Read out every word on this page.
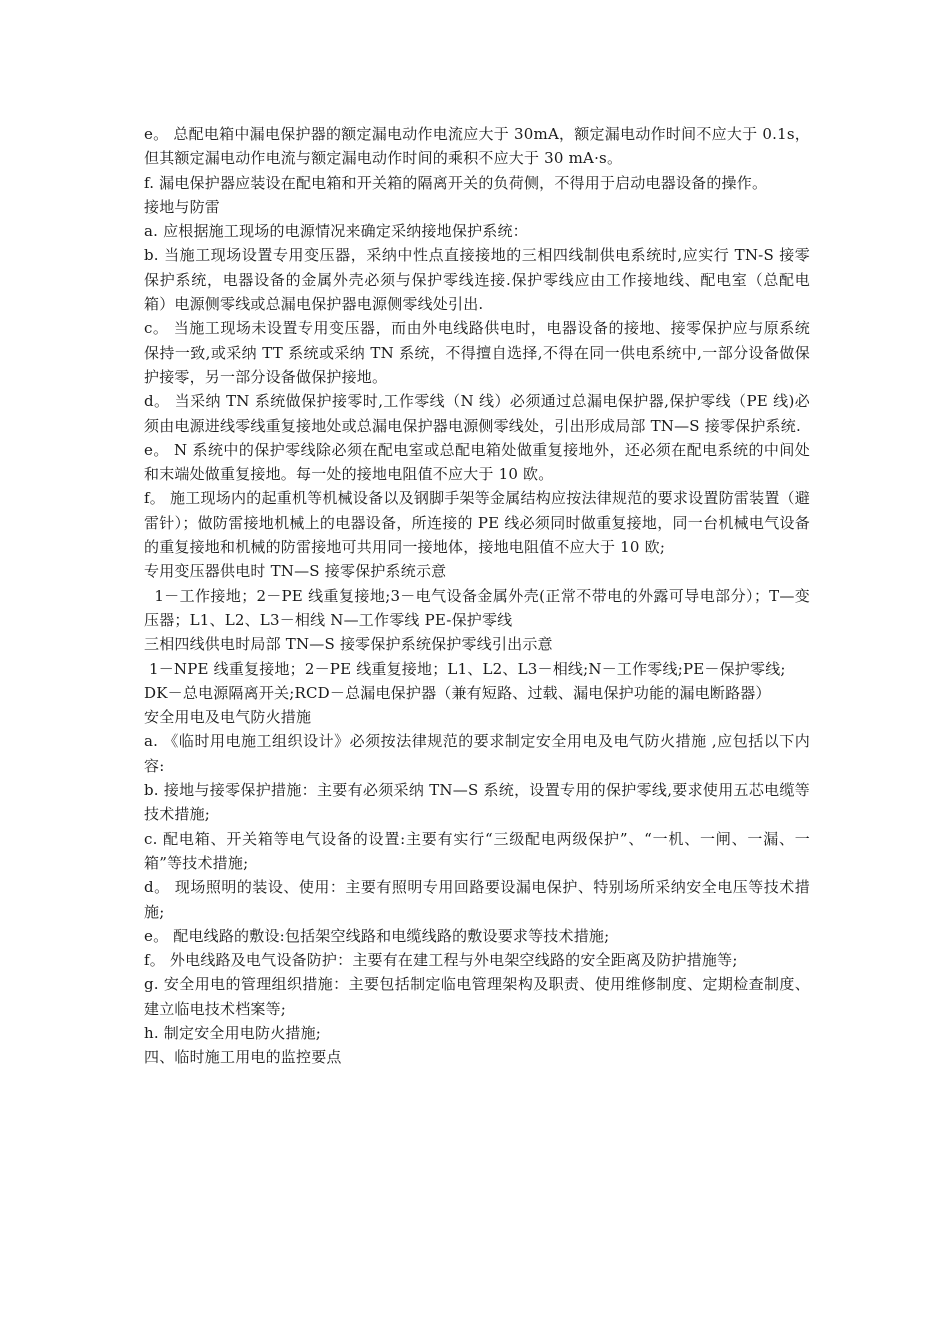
e。 总配电箱中漏电保护器的额定漏电动作电流应大于 30mA，额定漏电动作时间不应大于 0.1s，但其额定漏电动作电流与额定漏电动作时间的乘积不应大于 30 mA·s。

f. 漏电保护器应装设在配电箱和开关箱的隔离开关的负荷侧，不得用于启动电器设备的操作。

接地与防雷

a. 应根据施工现场的电源情况来确定采纳接地保护系统：

b. 当施工现场设置专用变压器，采纳中性点直接接地的三相四线制供电系统时,应实行 TN-S 接零保护系统，电器设备的金属外壳必须与保护零线连接.保护零线应由工作接地线、配电室（总配电箱）电源侧零线或总漏电保护器电源侧零线处引出.

c。 当施工现场未设置专用变压器，而由外电线路供电时，电器设备的接地、接零保护应与原系统保持一致,或采纳 TT 系统或采纳 TN 系统，不得擅自选择,不得在同一供电系统中,一部分设备做保护接零，另一部分设备做保护接地。

d。 当采纳 TN 系统做保护接零时,工作零线（N 线）必须通过总漏电保护器,保护零线（PE 线)必须由电源进线零线重复接地处或总漏电保护器电源侧零线处，引出形成局部 TN—S 接零保护系统.

e。 N 系统中的保护零线除必须在配电室或总配电箱处做重复接地外，还必须在配电系统的中间处和末端处做重复接地。每一处的接地电阻值不应大于 10 欧。

f。 施工现场内的起重机等机械设备以及钢脚手架等金属结构应按法律规范的要求设置防雷装置（避雷针）；做防雷接地机械上的电器设备，所连接的 PE 线必须同时做重复接地，同一台机械电气设备的重复接地和机械的防雷接地可共用同一接地体，接地电阻值不应大于 10 欧;

专用变压器供电时 TN—S 接零保护系统示意

1－工作接地；2－PE 线重复接地;3－电气设备金属外壳(正常不带电的外露可导电部分）；T—变压器；L1、L2、L3－相线 N—工作零线 PE-保护零线

三相四线供电时局部 TN—S 接零保护系统保护零线引出示意

1－NPE 线重复接地；2－PE 线重复接地；L1、L2、L3－相线;N－工作零线;PE－保护零线;

DK－总电源隔离开关;RCD－总漏电保护器（兼有短路、过载、漏电保护功能的漏电断路器）

安全用电及电气防火措施

a. 《临时用电施工组织设计》必须按法律规范的要求制定安全用电及电气防火措施 ,应包括以下内容:

b. 接地与接零保护措施：主要有必须采纳 TN—S 系统，设置专用的保护零线,要求使用五芯电缆等技术措施;

c. 配电箱、开关箱等电气设备的设置:主要有实行“三级配电两级保护”、“一机、一闸、一漏、一箱”等技术措施;

d。 现场照明的装设、使用：主要有照明专用回路要设漏电保护、特别场所采纳安全电压等技术措施;

e。 配电线路的敷设:包括架空线路和电缆线路的敷设要求等技术措施;

f。 外电线路及电气设备防护：主要有在建工程与外电架空线路的安全距离及防护措施等;

g. 安全用电的管理组织措施：主要包括制定临电管理架构及职责、使用维修制度、定期检查制度、建立临电技术档案等;

h. 制定安全用电防火措施;

四、临时施工用电的监控要点
